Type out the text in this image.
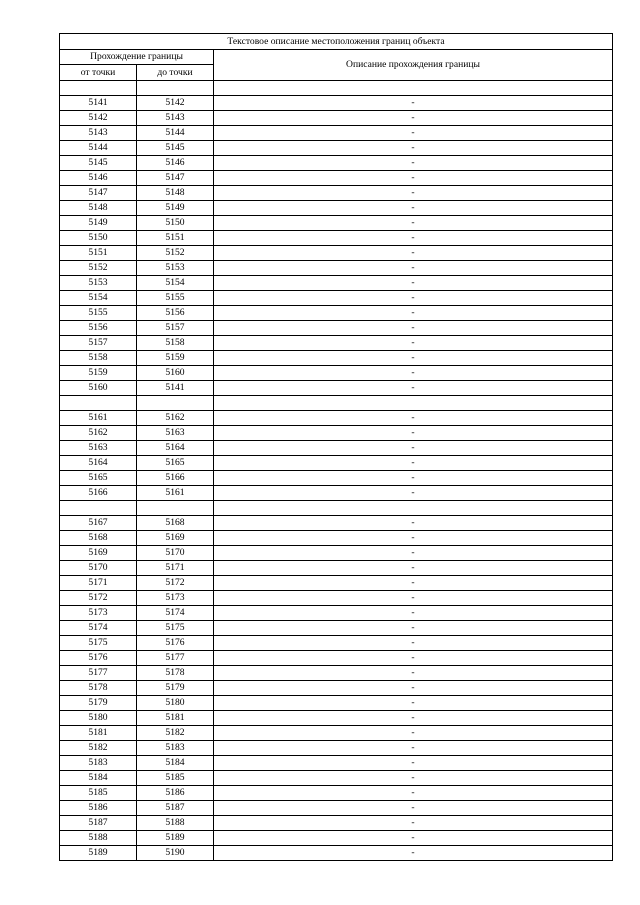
Текстовое описание местоположения границ объекта		
Прохождение границы		Описание прохождения границы
от точки	до точки	

5141	5142	-
5142	5143	-
5143	5144	-
5144	5145	-
5145	5146	-
5146	5147	-
5147	5148	-
5148	5149	-
5149	5150	-
5150	5151	-
5151	5152	-
5152	5153	-
5153	5154	-
5154	5155	-
5155	5156	-
5156	5157	-
5157	5158	-
5158	5159	-
5159	5160	-
5160	5141	-

5161	5162	-
5162	5163	-
5163	5164	-
5164	5165	-
5165	5166	-
5166	5161	-

5167	5168	-
5168	5169	-
5169	5170	-
5170	5171	-
5171	5172	-
5172	5173	-
5173	5174	-
5174	5175	-
5175	5176	-
5176	5177	-
5177	5178	-
5178	5179	-
5179	5180	-
5180	5181	-
5181	5182	-
5182	5183	-
5183	5184	-
5184	5185	-
5185	5186	-
5186	5187	-
5187	5188	-
5188	5189	-
5189	5190	-
